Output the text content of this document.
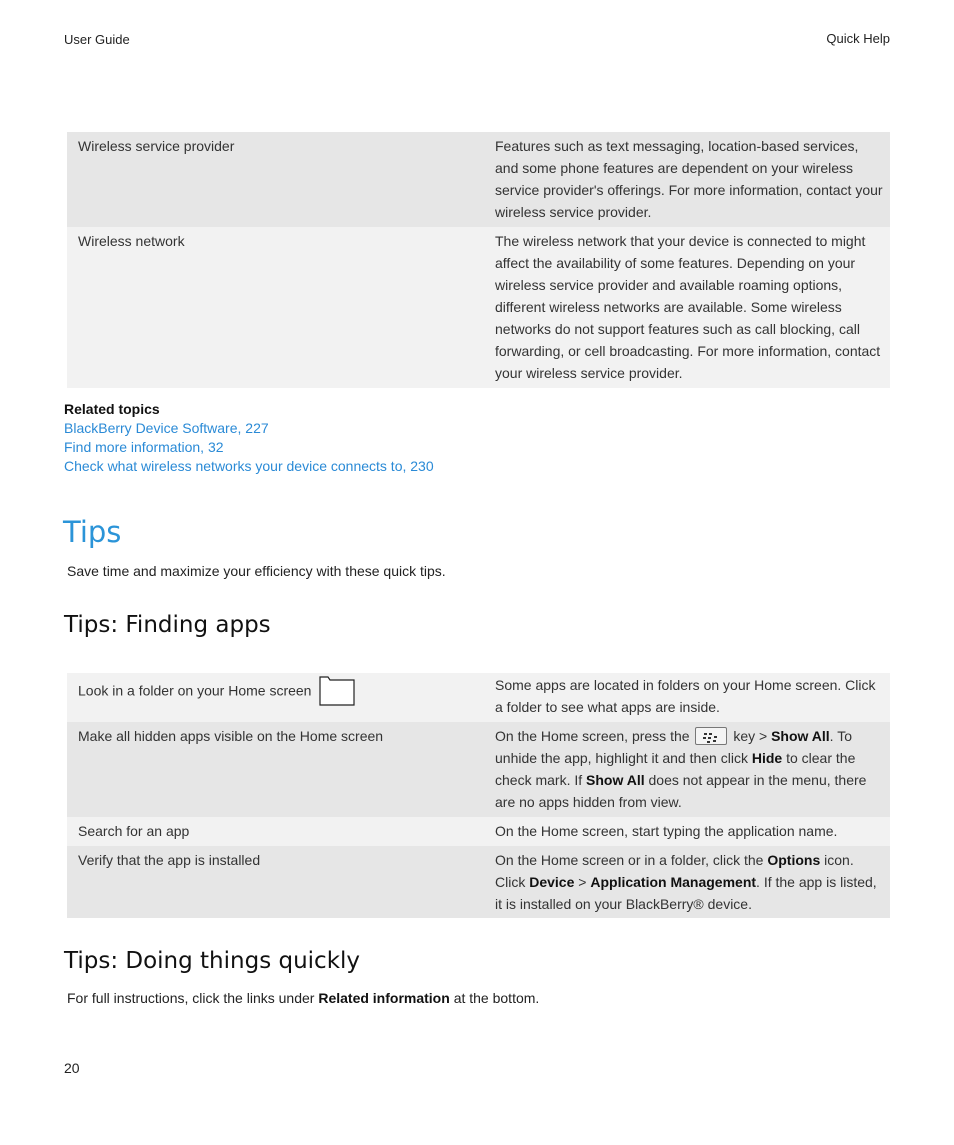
User Guide	Quick Help
Wireless service provider	Features such as text messaging, location-based services, and some phone features are dependent on your wireless service provider's offerings. For more information, contact your wireless service provider.
Wireless network	The wireless network that your device is connected to might affect the availability of some features. Depending on your wireless service provider and available roaming options, different wireless networks are available. Some wireless networks do not support features such as call blocking, call forwarding, or cell broadcasting. For more information, contact your wireless service provider.
Related topics
BlackBerry Device Software, 227
Find more information, 32
Check what wireless networks your device connects to, 230
Tips
Save time and maximize your efficiency with these quick tips.
Tips: Finding apps
Look in a folder on your Home screen	Some apps are located in folders on your Home screen. Click a folder to see what apps are inside.
Make all hidden apps visible on the Home screen	On the Home screen, press the key > Show All. To unhide the app, highlight it and then click Hide to clear the check mark. If Show All does not appear in the menu, there are no apps hidden from view.
Search for an app	On the Home screen, start typing the application name.
Verify that the app is installed	On the Home screen or in a folder, click the Options icon. Click Device > Application Management. If the app is listed, it is installed on your BlackBerry® device.
Tips: Doing things quickly
For full instructions, click the links under Related information at the bottom.
20
